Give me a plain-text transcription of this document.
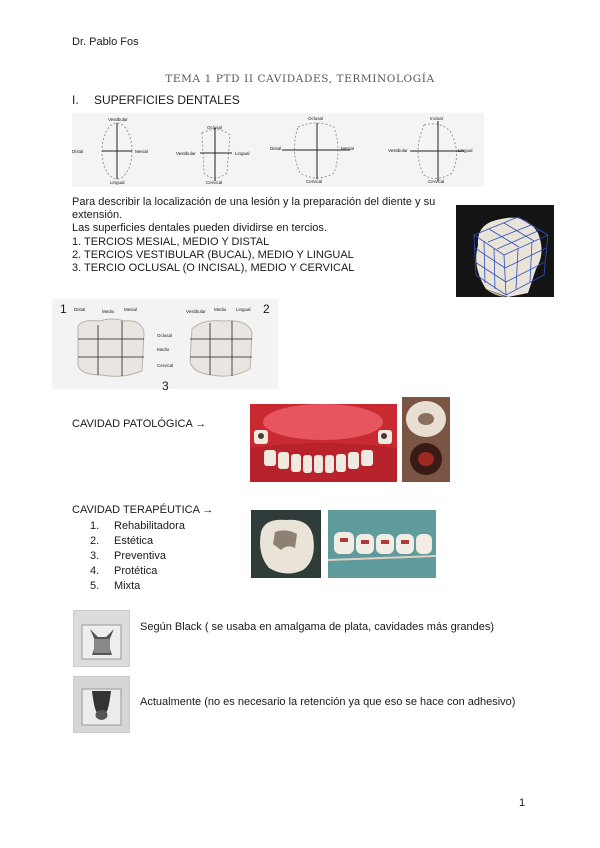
Dr. Pablo Fos
TEMA 1 PTD II CAVIDADES, TERMINOLOGÍA
I. SUPERFICIES DENTALES
Vestibular
Distal	Mesial
Lingual
Oclusal
Vestibular	Lingual
Cervical
Oclusal
Distal	Mesial
Cervical
Incisal
Vestibular	Lingual
Cervical
Para describir la localización de una lesión y la preparación del diente y su
extensión.
Las superficies dentales pueden dividirse en tercios.
1. TERCIOS MESIAL, MEDIO Y DISTAL
2. TERCIOS VESTIBULAR (BUCAL), MEDIO Y LINGUAL
3. TERCIO OCLUSAL (O INCISAL), MEDIO Y CERVICAL
Distal	Medio Mesial	Vestibular Medio Lingual
Oclusal
Medio
Cervical
1	2
3
CAVIDAD PATOLÓGICA →
CAVIDAD TERAPÉUTICA →
1. Rehabilitadora
2. Estética
3. Preventiva
4. Protética
5. Mixta
Según Black ( se usaba en amalgama de plata, cavidades más grandes)
Actualmente (no es necesario la retención ya que eso se hace con adhesivo)
1
